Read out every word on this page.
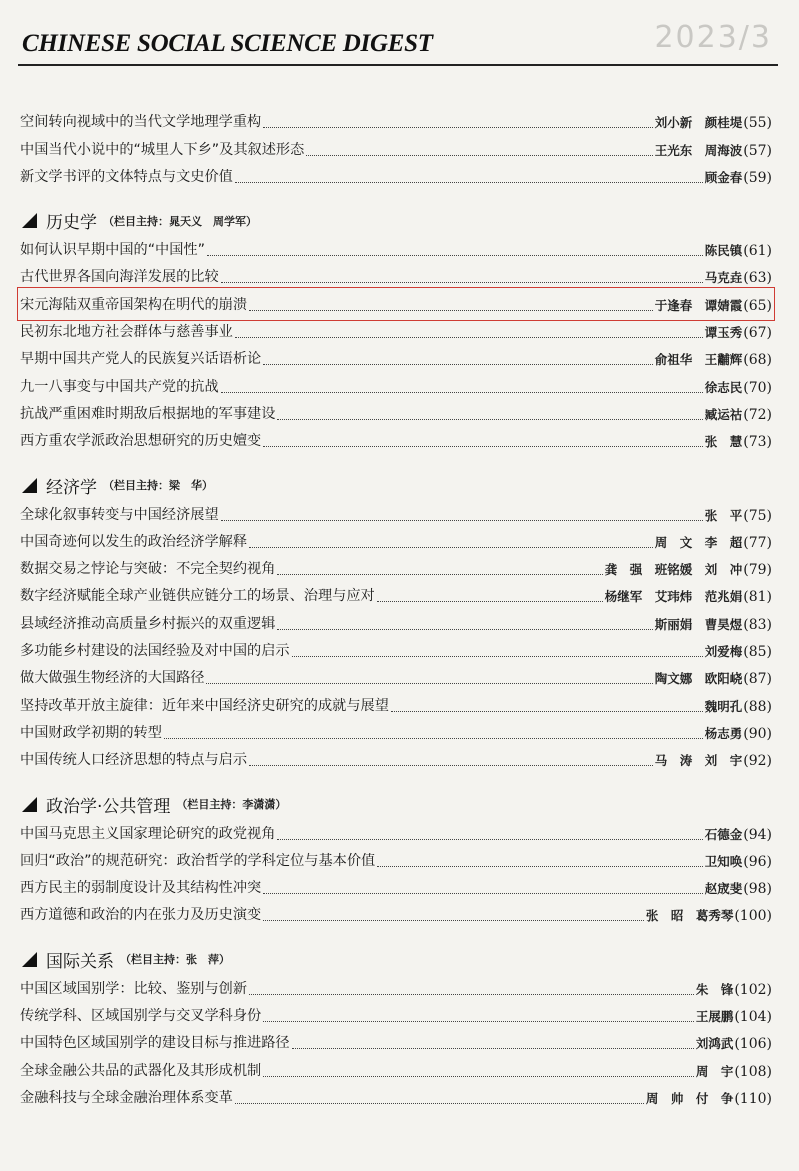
2023/3
CHINESE SOCIAL SCIENCE DIGEST
空间转向视域中的当代文学地理学重构	刘小新　颜桂堤 (55)
中国当代小说中的“城里人下乡”及其叙述形态	王光东　周海波 (57)
新文学书评的文体特点与文史价值	顾金春 (59)
历史学 （栏目主持：晁天义　周学军）
如何认识早期中国的“中国性”	陈民镇 (61)
古代世界各国向海洋发展的比较	马克垚 (63)
宋元海陆双重帝国架构在明代的崩溃	于逢春　谭婧霞 (65)
民初东北地方社会群体与慈善事业	谭玉秀 (67)
早期中国共产党人的民族复兴话语析论	俞祖华　王黼辉 (68)
九一八事变与中国共产党的抗战	徐志民 (70)
抗战严重困难时期敌后根据地的军事建设	臧运祜 (72)
西方重农学派政治思想研究的历史嬗变	张　慧 (73)
经济学 （栏目主持：梁　华）
全球化叙事转变与中国经济展望	张　平 (75)
中国奇迹何以发生的政治经济学解释	周　文　李　超 (77)
数据交易之悖论与突破：不完全契约视角	龚　强　班铭媛　刘　冲 (79)
数字经济赋能全球产业链供应链分工的场景、治理与应对	杨继军　艾玮炜　范兆娟 (81)
县域经济推动高质量乡村振兴的双重逻辑	斯丽娟　曹昊煜 (83)
多功能乡村建设的法国经验及对中国的启示	刘爱梅 (85)
做大做强生物经济的大国路径	陶文娜　欧阳峣 (87)
坚持改革开放主旋律：近年来中国经济史研究的成就与展望	魏明孔 (88)
中国财政学初期的转型	杨志勇 (90)
中国传统人口经济思想的特点与启示	马　涛　刘　宇 (92)
政治学·公共管理 （栏目主持：李潇潇）
中国马克思主义国家理论研究的政党视角	石德金 (94)
回归“政治”的规范研究：政治哲学的学科定位与基本价值	卫知唤 (96)
西方民主的弱制度设计及其结构性冲突	赵宬斐 (98)
西方道德和政治的内在张力及历史演变	张　昭　葛秀琴 (100)
国际关系 （栏目主持：张　萍）
中国区域国别学：比较、鉴别与创新	朱　锋 (102)
传统学科、区域国别学与交叉学科身份	王展鹏 (104)
中国特色区域国别学的建设目标与推进路径	刘鸿武 (106)
全球金融公共品的武器化及其形成机制	周　宇 (108)
金融科技与全球金融治理体系变革	周　帅　付　争 (110)
